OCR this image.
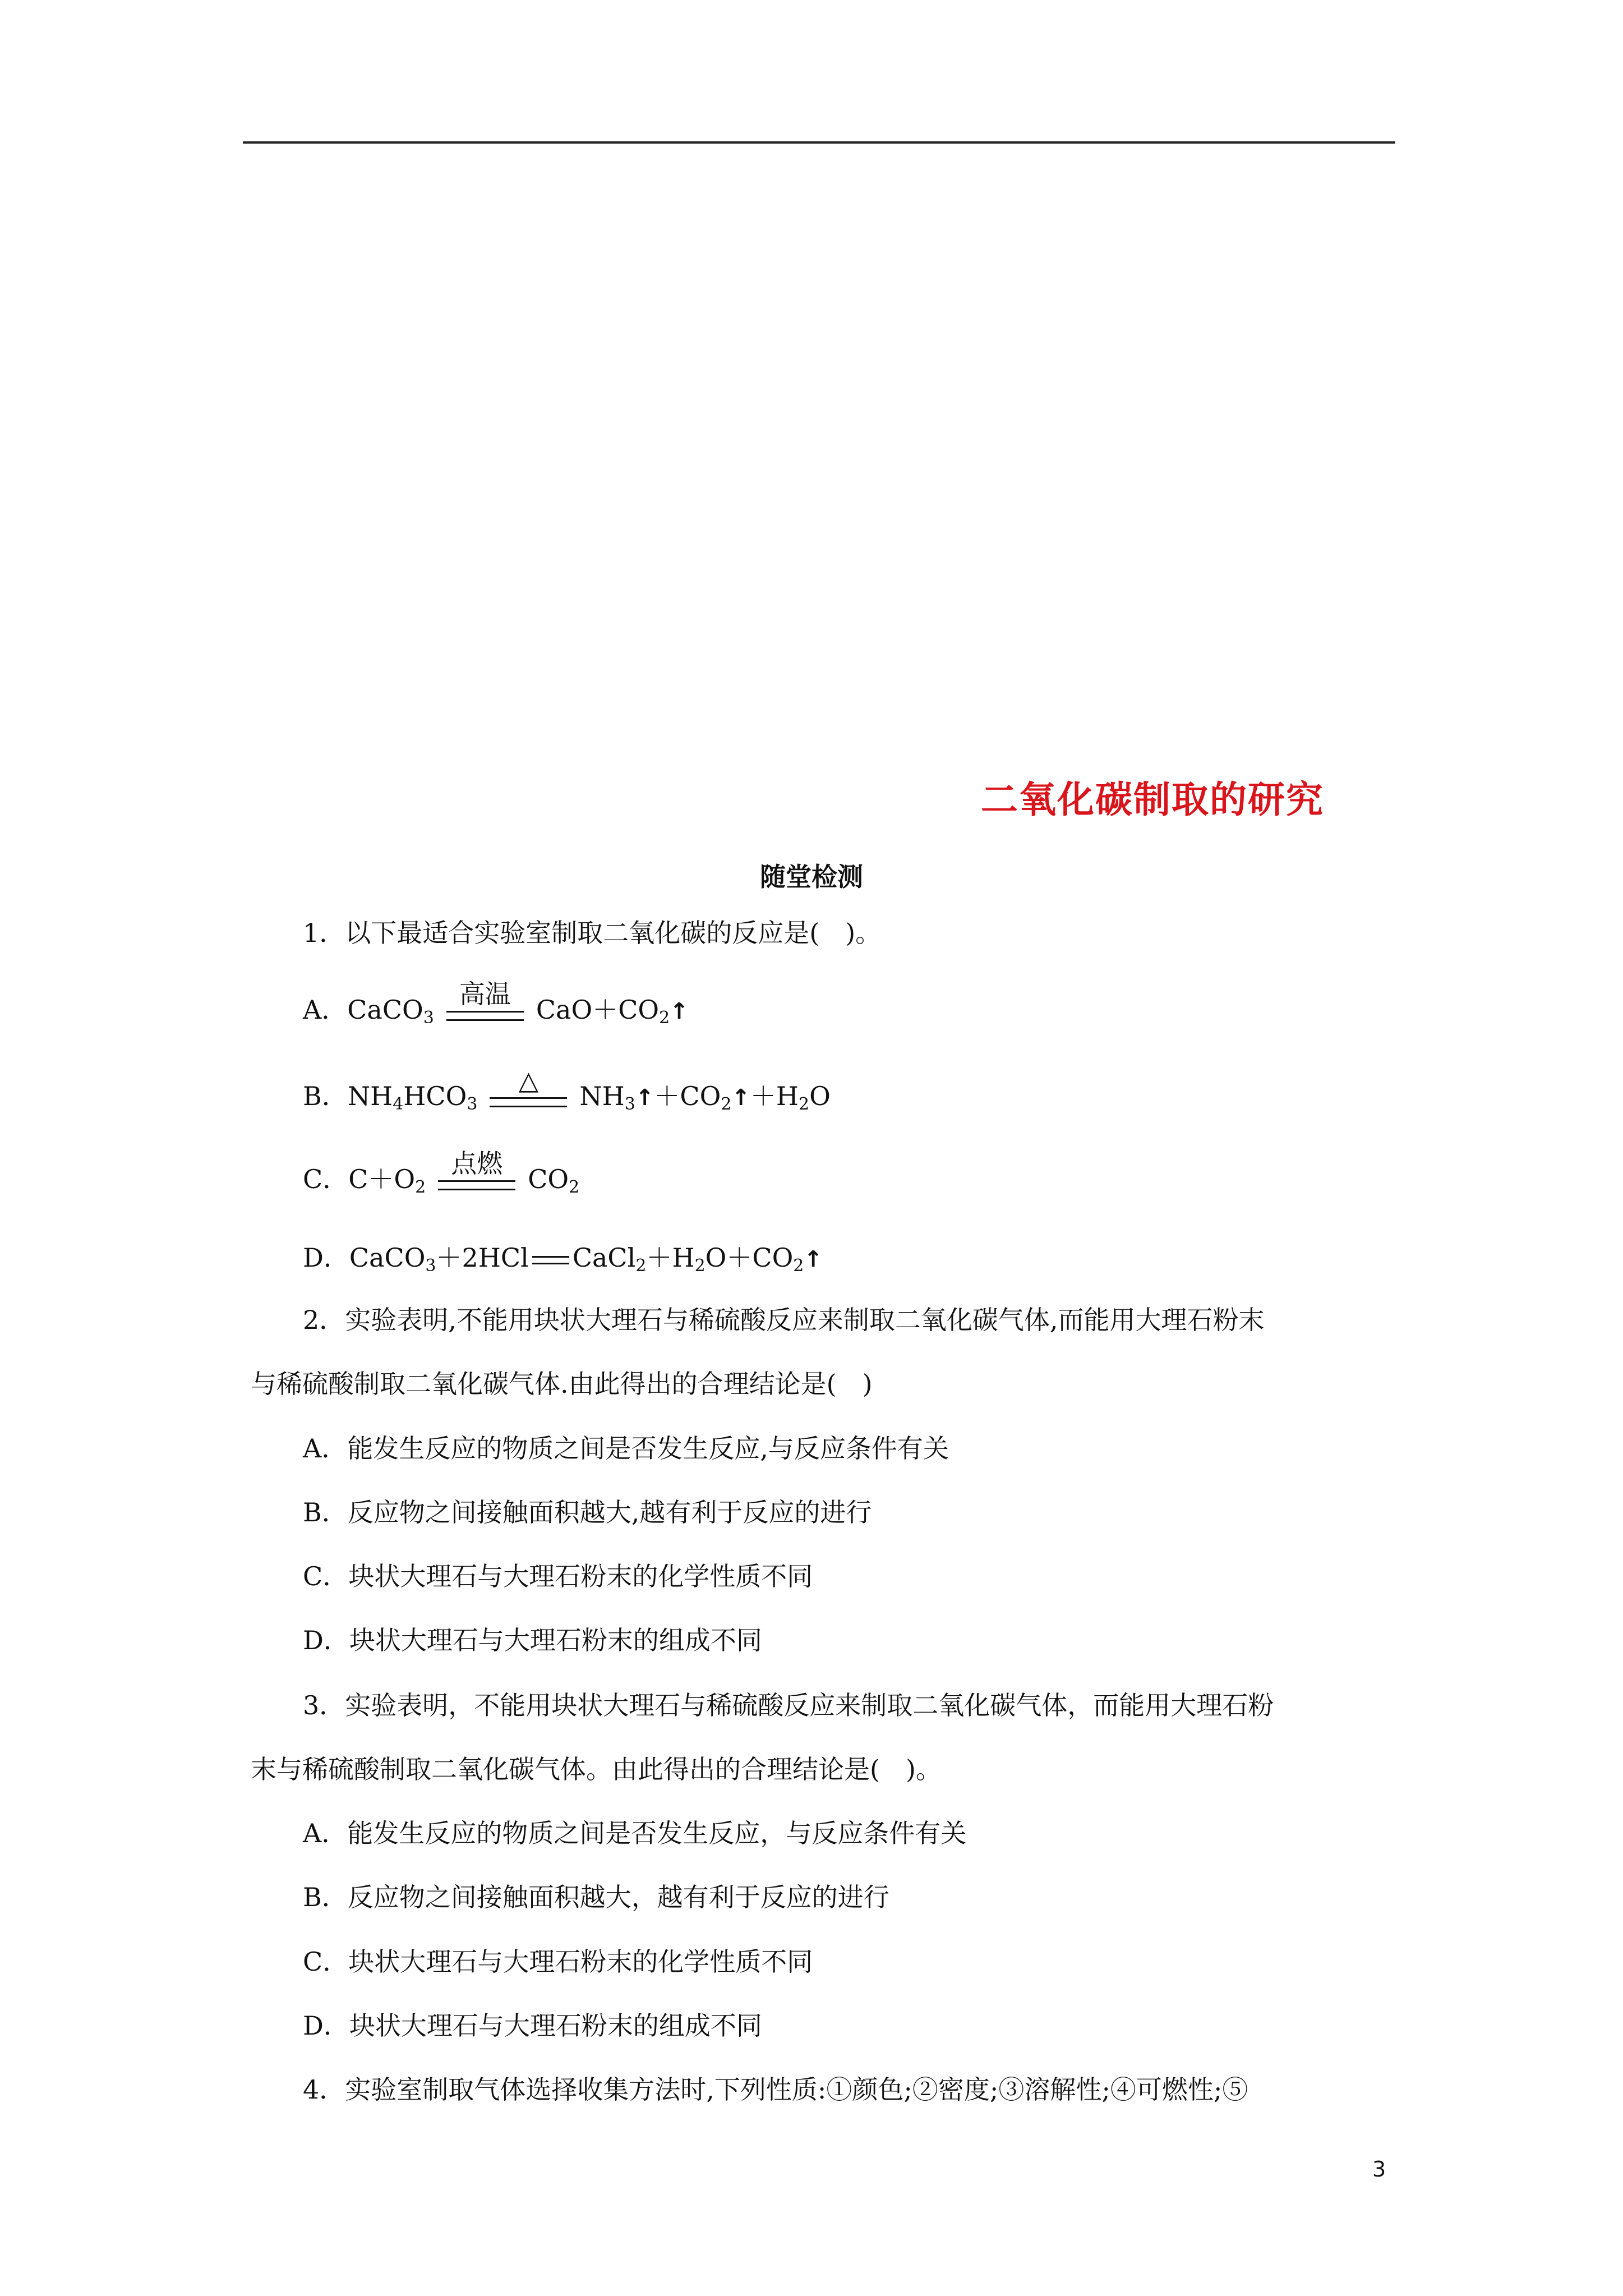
二氧化碳制取的研究
随堂检测
1．以下最适合实验室制取二氧化碳的反应是(　)。
A．CaCO$_3$
高温
$CaO+CO_2↑$
B．$NH_4HCO_3$
△
$NH_3↑+CO_2↑+H_2O$
C．$C+O_2$
点燃
$CO_2$
D．CaCO$_3$＋2HCl $CaCl_2+H_2O+CO_2↑$
2．实验表明,不能用块状大理石与稀硫酸反应来制取二氧化碳气体,而能用大理石粉末
与稀硫酸制取二氧化碳气体.由此得出的合理结论是(　)
A．能发生反应的物质之间是否发生反应,与反应条件有关
B．反应物之间接触面积越大,越有利于反应的进行
C．块状大理石与大理石粉末的化学性质不同
D．块状大理石与大理石粉末的组成不同
3．实验表明，不能用块状大理石与稀硫酸反应来制取二氧化碳气体，而能用大理石粉
末与稀硫酸制取二氧化碳气体。由此得出的合理结论是(　)。
A．能发生反应的物质之间是否发生反应，与反应条件有关
B．反应物之间接触面积越大，越有利于反应的进行
C．块状大理石与大理石粉末的化学性质不同
D．块状大理石与大理石粉末的组成不同
4．实验室制取气体选择收集方法时,下列性质:①颜色;②密度;③溶解性;④可燃性;⑤
3
